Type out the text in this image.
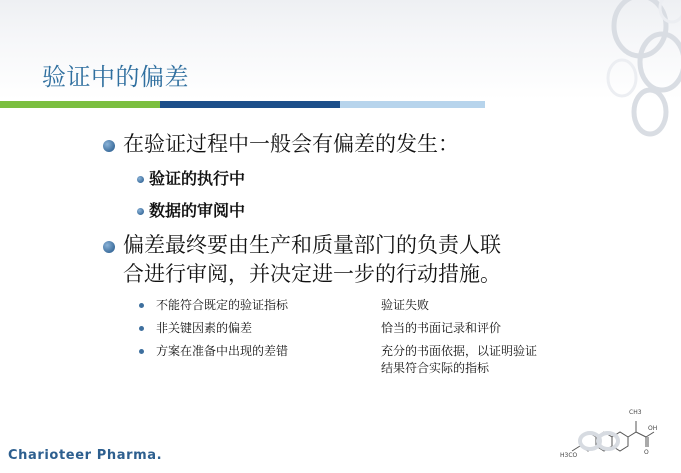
验证中的偏差
在验证过程中一般会有偏差的发生：
验证的执行中
数据的审阅中
偏差最终要由生产和质量部门的负责人联
合进行审阅，并决定进一步的行动措施。
不能符合既定的验证指标
非关键因素的偏差
方案在准备中出现的差错
验证失败
恰当的书面记录和评价
充分的书面依据，以证明验证
结果符合实际的指标

Charioteer Pharma.

CH3
OH
O
H3CO
